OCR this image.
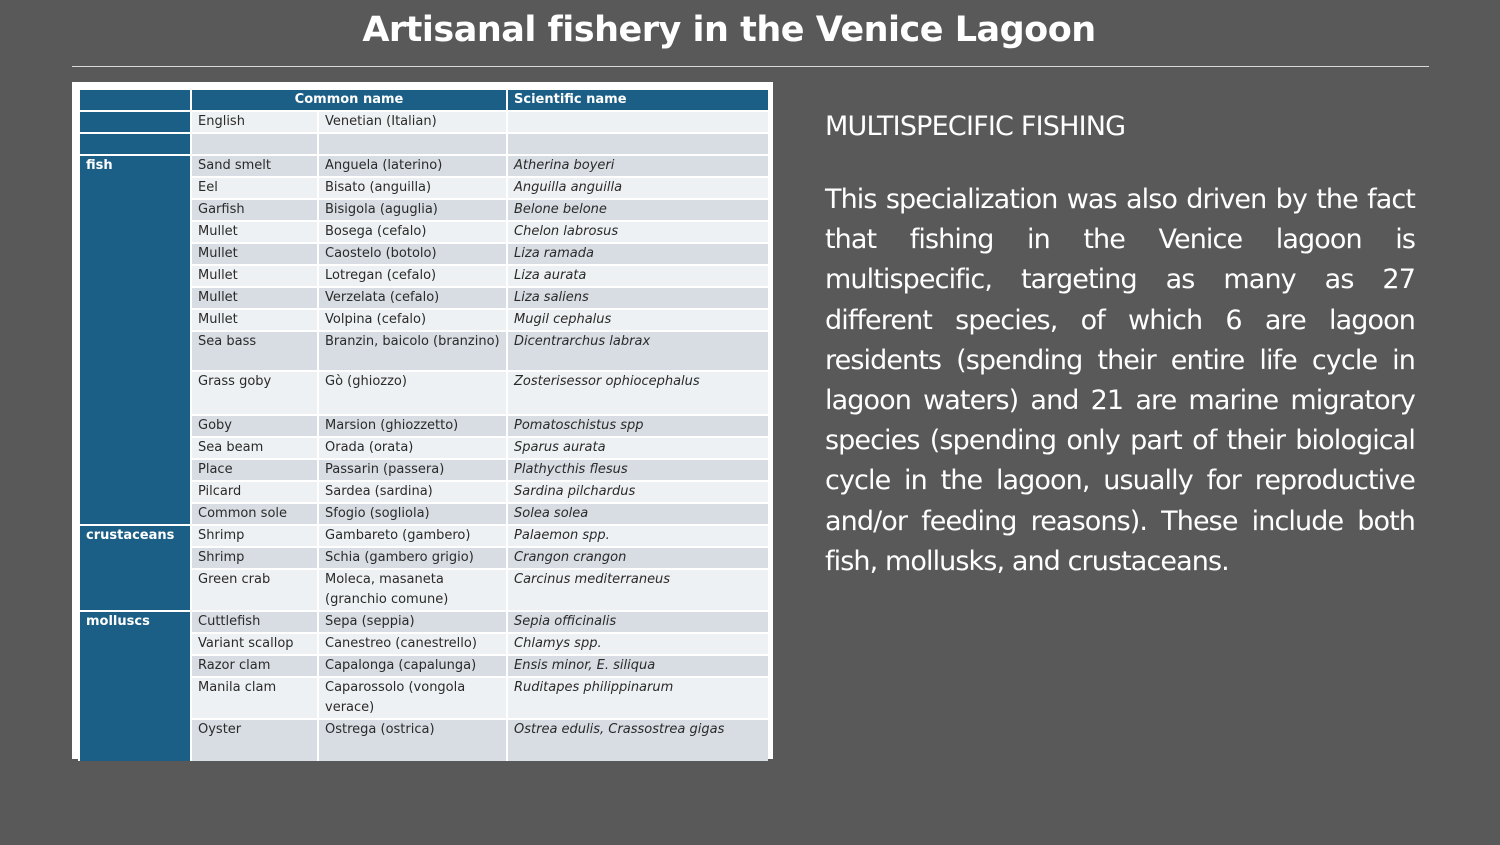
Artisanal fishery in the Venice Lagoon
	Common name		Scientific name
	English	Venetian (Italian)	

fish	Sand smelt	Anguela (laterino)	Atherina boyeri
	Eel	Bisato (anguilla)	Anguilla anguilla
	Garfish	Bisigola (agugliа)	Belone belone
	Mullet	Bosega (cefalo)	Chelon labrosus
	Mullet	Caostelo (botolo)	Liza ramada
	Mullet	Lotregan (cefalo)	Liza aurata
	Mullet	Verzelata (cefalo)	Liza saliens
	Mullet	Volpina (cefalo)	Mugil cephalus
	Sea bass	Branzin, baicolo (branzino)	Dicentrarchus labrax
	Grass goby	Gò (ghiozzo)	Zosterisessor ophiocephalus
	Goby	Marsion (ghiozzetto)	Pomatoschistus spp
	Sea beam	Orada (orata)	Sparus aurata
	Place	Passarin (passera)	Plathycthis flesus
	Pilcard	Sardea (sardina)	Sardina pilchardus
	Common sole	Sfogio (sogliola)	Solea solea
crustaceans	Shrimp	Gambareto (gambero)	Palaemon spp.
	Shrimp	Schia (gambero grigio)	Crangon crangon
	Green crab	Moleca, masaneta (granchio comune)	Carcinus mediterraneus
molluscs	Cuttlefish	Sepa (seppia)	Sepia officinalis
	Variant scallop	Canestreo (canestrello)	Chlamys spp.
	Razor clam	Capalonga (capalunga)	Ensis minor, E. siliqua
	Manila clam	Caparossolo (vongola verace)	Ruditapes philippinarum
	Oyster	Ostrega (ostrica)	Ostrea edulis, Crassostrea gigas
MULTISPECIFIC FISHING
This specialization was also driven by the fact that fishing in the Venice lagoon is multispecific, targeting as many as 27 different species, of which 6 are lagoon residents (spending their entire life cycle in lagoon waters) and 21 are marine migratory species (spending only part of their biological cycle in the lagoon, usually for reproductive and/or feeding reasons). These include both fish, mollusks, and crustaceans.
